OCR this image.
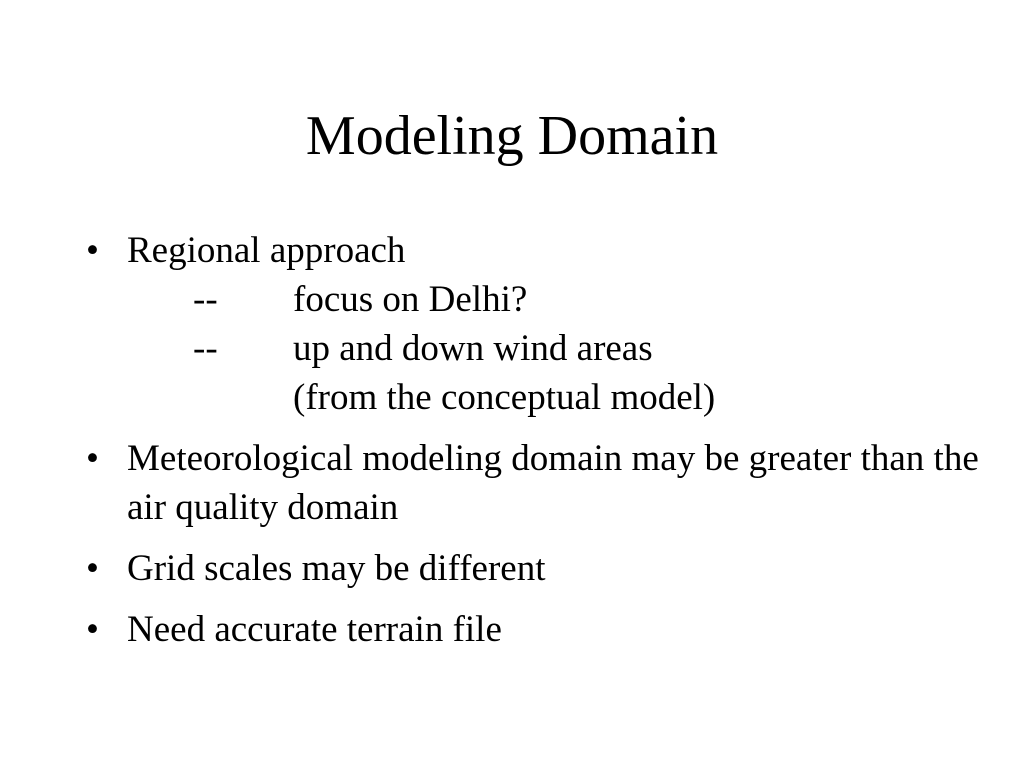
Modeling Domain
• Regional approach
-- focus on Delhi?
-- up and down wind areas
(from the conceptual model)
• Meteorological modeling domain may be greater than the air quality domain
• Grid scales may be different
• Need accurate terrain file
